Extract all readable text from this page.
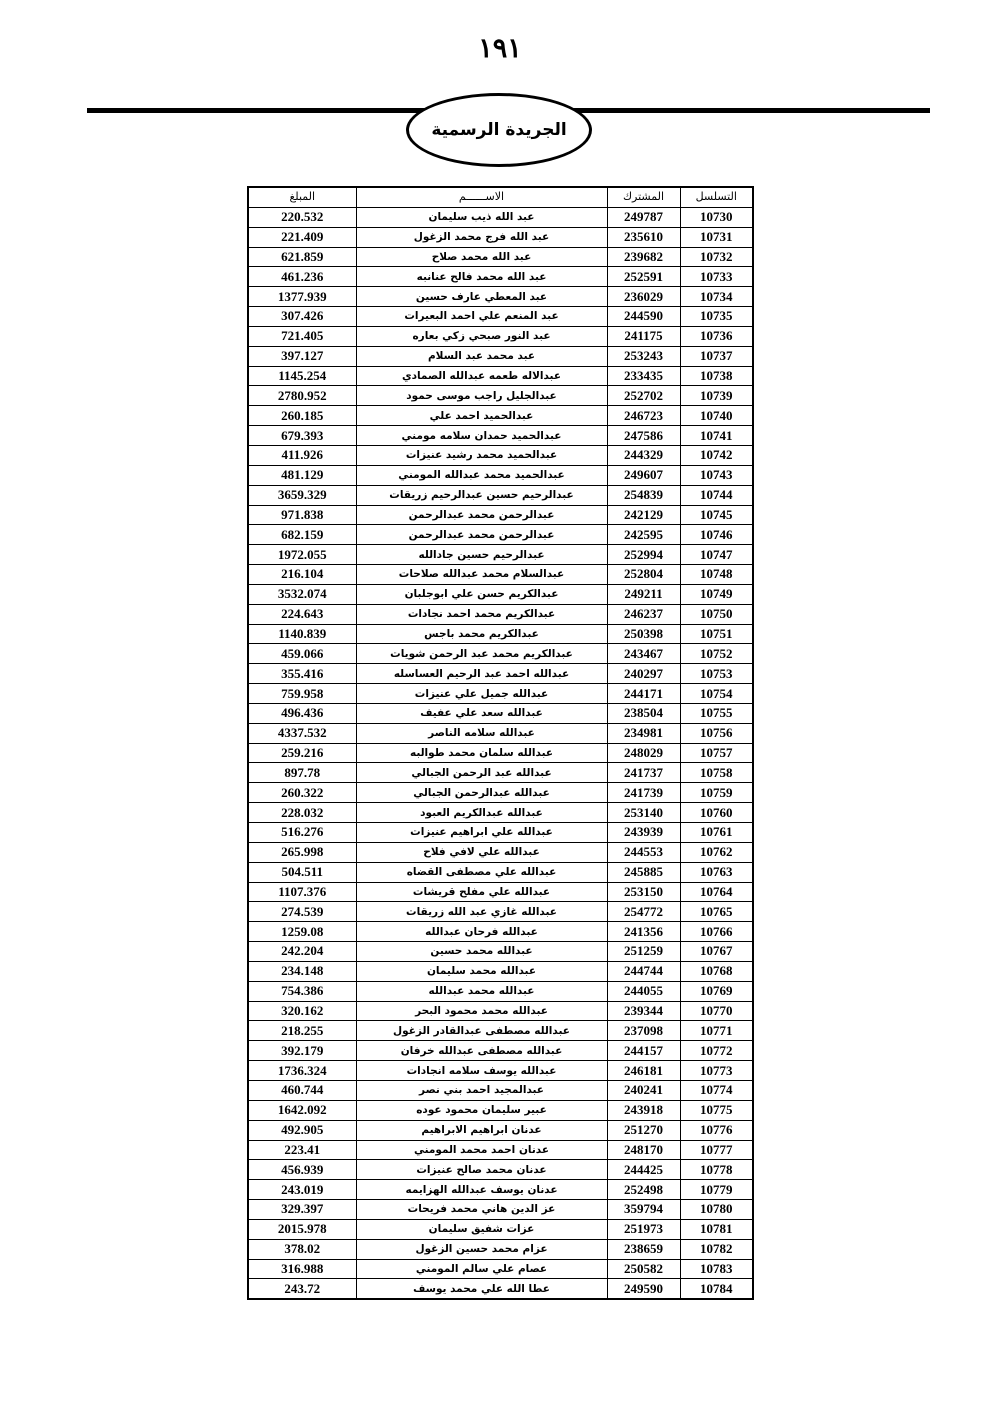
١٩١
الجريدة الرسمية
التسلسل	المشترك	الاســــــم	المبلغ
10730	249787	عبد الله ذيب سليمان	220.532
10731	235610	عبد الله فرج محمد الزغول	221.409
10732	239682	عبد الله محمد صلاح	621.859
10733	252591	عبد الله محمد فالح عنانبه	461.236
10734	236029	عبد المعطي عارف حسين	1377.939
10735	244590	عبد المنعم علي احمد البعيرات	307.426
10736	241175	عبد النور صبحي زكي بعاره	721.405
10737	253243	عبد محمد عبد السلام	397.127
10738	233435	عبدالاله طعمه عبدالله الصمادي	1145.254
10739	252702	عبدالجليل راجب موسى حمود	2780.952
10740	246723	عبدالحميد احمد علي	260.185
10741	247586	عبدالحميد حمدان سلامه مومني	679.393
10742	244329	عبدالحميد محمد رشيد عنيزات	411.926
10743	249607	عبدالحميد محمد عبدالله المومني	481.129
10744	254839	عبدالرحيم حسين عبدالرحيم زريقات	3659.329
10745	242129	عبدالرحمن محمد عبدالرحمن	971.838
10746	242595	عبدالرحمن محمد عبدالرحمن	682.159
10747	252994	عبدالرحيم حسين جادالله	1972.055
10748	252804	عبدالسلام محمد عبدالله صلاحات	216.104
10749	249211	عبدالكريم حسن علي ابوجلبان	3532.074
10750	246237	عبدالكريم محمد احمد نجادات	224.643
10751	250398	عبدالكريم محمد باجس	1140.839
10752	243467	عبدالكريم محمد عبد الرحمن شويات	459.066
10753	240297	عبدالله احمد عبد الرحيم العساسله	355.416
10754	244171	عبدالله جميل علي عنيزات	759.958
10755	238504	عبدالله سعد علي عفيف	496.436
10756	234981	عبدالله سلامه الناصر	4337.532
10757	248029	عبدالله سلمان محمد طوالبه	259.216
10758	241737	عبدالله عبد الرحمن الجبالي	897.78
10759	241739	عبدالله عبدالرحمن الجبالي	260.322
10760	253140	عبدالله عبدالكريم العبود	228.032
10761	243939	عبدالله علي ابراهيم عنيزات	516.276
10762	244553	عبدالله علي لافي فلاح	265.998
10763	245885	عبدالله علي مصطفى القضاه	504.511
10764	253150	عبدالله علي مفلح قريشات	1107.376
10765	254772	عبدالله غازي عبد الله زريقات	274.539
10766	241356	عبدالله فرحان عبدالله	1259.08
10767	251259	عبدالله محمد حسين	242.204
10768	244744	عبدالله محمد سليمان	234.148
10769	244055	عبدالله محمد عبدالله	754.386
10770	239344	عبدالله محمد محمود البحر	320.162
10771	237098	عبدالله مصطفى عبدالقادر الزغول	218.255
10772	244157	عبدالله مصطفى عبدالله خرفان	392.179
10773	246181	عبدالله يوسف سلامه انجادات	1736.324
10774	240241	عبدالمجيد احمد بني نصر	460.744
10775	243918	عبير سليمان محمود عوده	1642.092
10776	251270	عدنان ابراهيم الابراهيم	492.905
10777	248170	عدنان احمد محمد المومني	223.41
10778	244425	عدنان محمد صالح عنيزات	456.939
10779	252498	عدنان يوسف عبدالله الهزايمه	243.019
10780	359794	عز الدين هاني محمد فريحات	329.397
10781	251973	عزات شفيق سليمان	2015.978
10782	238659	عزام محمد حسين الزغول	378.02
10783	250582	عصام علي سالم المومني	316.988
10784	249590	عطا الله علي محمد يوسف	243.72
